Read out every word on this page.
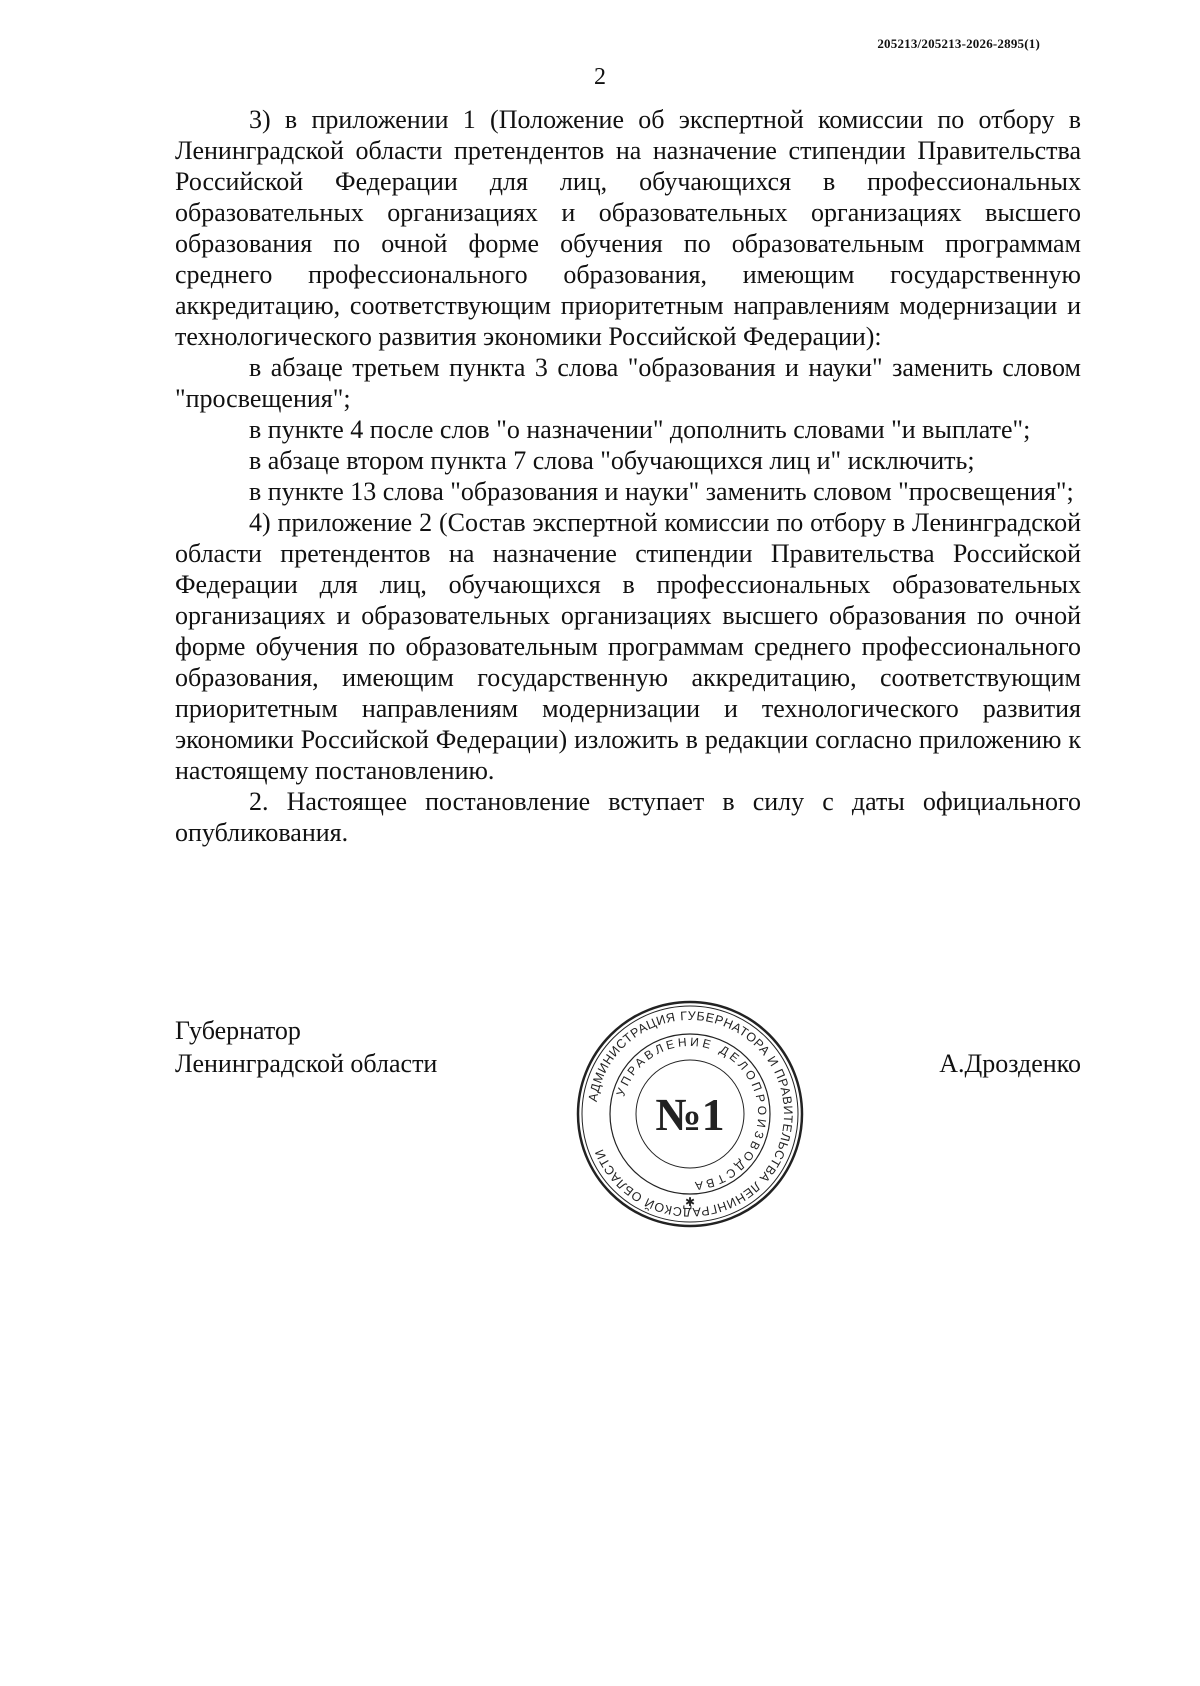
205213/205213-2026-2895(1)
2

3) в приложении 1 (Положение об экспертной комиссии по отбору в Ленинградской области претендентов на назначение стипендии Правительства Российской Федерации для лиц, обучающихся в профессиональных образовательных организациях и образовательных организациях высшего образования по очной форме обучения по образовательным программам среднего профессионального образования, имеющим государственную аккредитацию, соответствующим приоритетным направлениям модернизации и технологического развития экономики Российской Федерации):

в абзаце третьем пункта 3 слова "образования и науки" заменить словом "просвещения";

в пункте 4 после слов "о назначении" дополнить словами "и выплате";

в абзаце втором пункта 7 слова "обучающихся лиц и" исключить;

в пункте 13 слова "образования и науки" заменить словом "просвещения";

4) приложение 2 (Состав экспертной комиссии по отбору в Ленинградской области претендентов на назначение стипендии Правительства Российской Федерации для лиц, обучающихся в профессиональных образовательных организациях и образовательных организациях высшего образования по очной форме обучения по образовательным программам среднего профессионального образования, имеющим государственную аккредитацию, соответствующим приоритетным направлениям модернизации и технологического развития экономики Российской Федерации) изложить в редакции согласно приложению к настоящему постановлению.

2. Настоящее постановление вступает в силу с даты официального опубликования.

Губернатор
Ленинградской области
АДМИНИСТРАЦИЯ ГУБЕРНАТОРА И ПРАВИТЕЛЬСТВА ЛЕНИНГРАДСКОЙ ОБЛАСТИ
УПРАВЛЕНИЕ ДЕЛОПРОИЗВОДСТВА
№1
✱
А.Дрозденко
